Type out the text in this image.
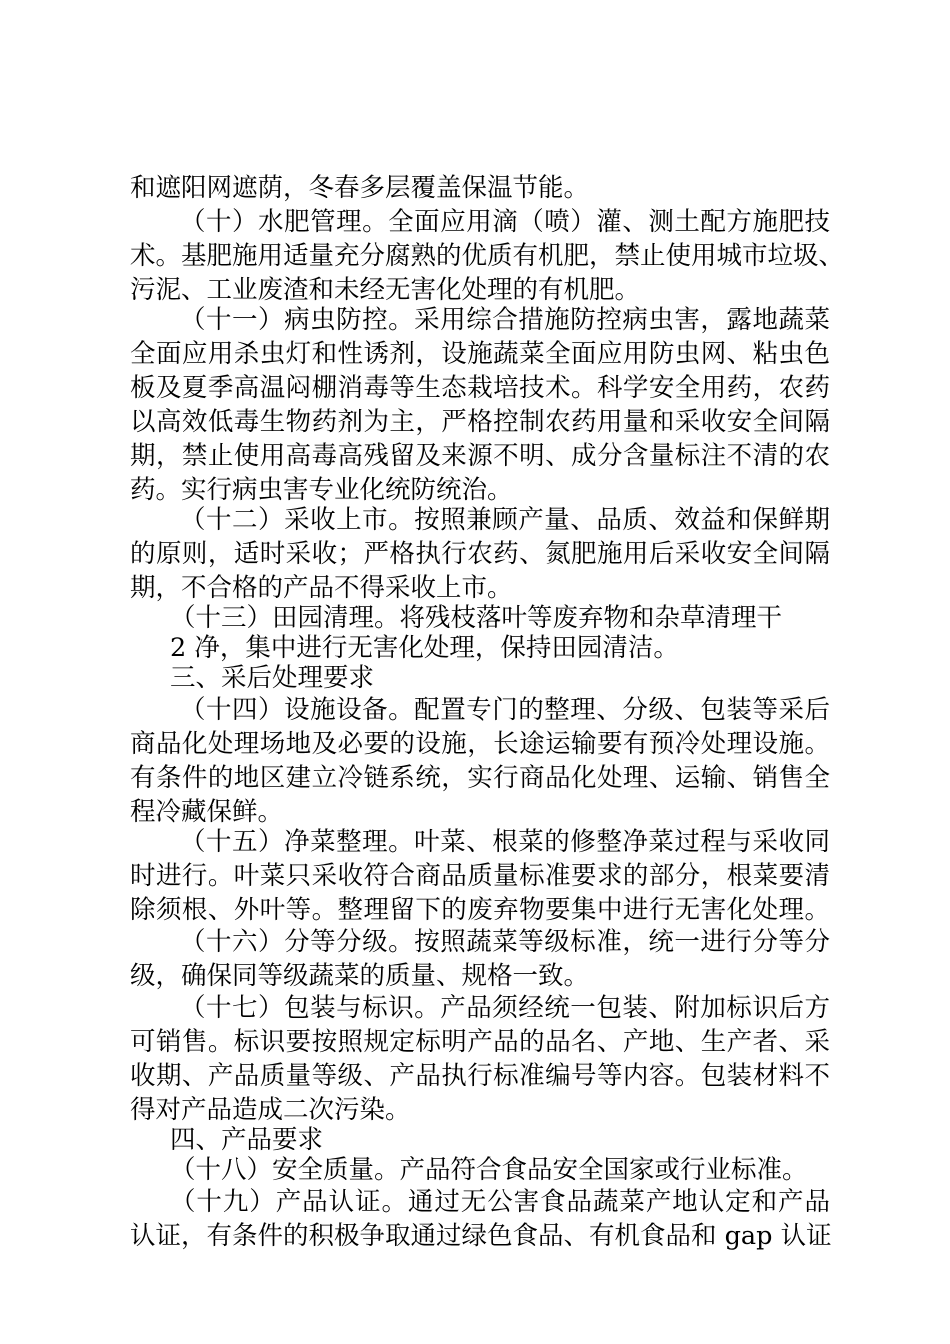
和遮阳网遮荫，冬春多层覆盖保温节能。
（十）水肥管理。全面应用滴（喷）灌、测土配方施肥技
术。基肥施用适量充分腐熟的优质有机肥，禁止使用城市垃圾、
污泥、工业废渣和未经无害化处理的有机肥。
（十一）病虫防控。采用综合措施防控病虫害，露地蔬菜
全面应用杀虫灯和性诱剂，设施蔬菜全面应用防虫网、粘虫色
板及夏季高温闷棚消毒等生态栽培技术。科学安全用药，农药
以高效低毒生物药剂为主，严格控制农药用量和采收安全间隔
期，禁止使用高毒高残留及来源不明、成分含量标注不清的农
药。实行病虫害专业化统防统治。
（十二）采收上市。按照兼顾产量、品质、效益和保鲜期
的原则，适时采收；严格执行农药、氮肥施用后采收安全间隔
期，不合格的产品不得采收上市。
（十三）田园清理。将残枝落叶等废弃物和杂草清理干
2 净，集中进行无害化处理，保持田园清洁。
三、采后处理要求
（十四）设施设备。配置专门的整理、分级、包装等采后
商品化处理场地及必要的设施，长途运输要有预冷处理设施。
有条件的地区建立冷链系统，实行商品化处理、运输、销售全
程冷藏保鲜。
（十五）净菜整理。叶菜、根菜的修整净菜过程与采收同
时进行。叶菜只采收符合商品质量标准要求的部分，根菜要清
除须根、外叶等。整理留下的废弃物要集中进行无害化处理。
（十六）分等分级。按照蔬菜等级标准，统一进行分等分
级，确保同等级蔬菜的质量、规格一致。
（十七）包装与标识。产品须经统一包装、附加标识后方
可销售。标识要按照规定标明产品的品名、产地、生产者、采
收期、产品质量等级、产品执行标准编号等内容。包装材料不
得对产品造成二次污染。
四、产品要求
（十八）安全质量。产品符合食品安全国家或行业标准。
（十九）产品认证。通过无公害食品蔬菜产地认定和产品
认证，有条件的积极争取通过绿色食品、有机食品和 gap 认证
